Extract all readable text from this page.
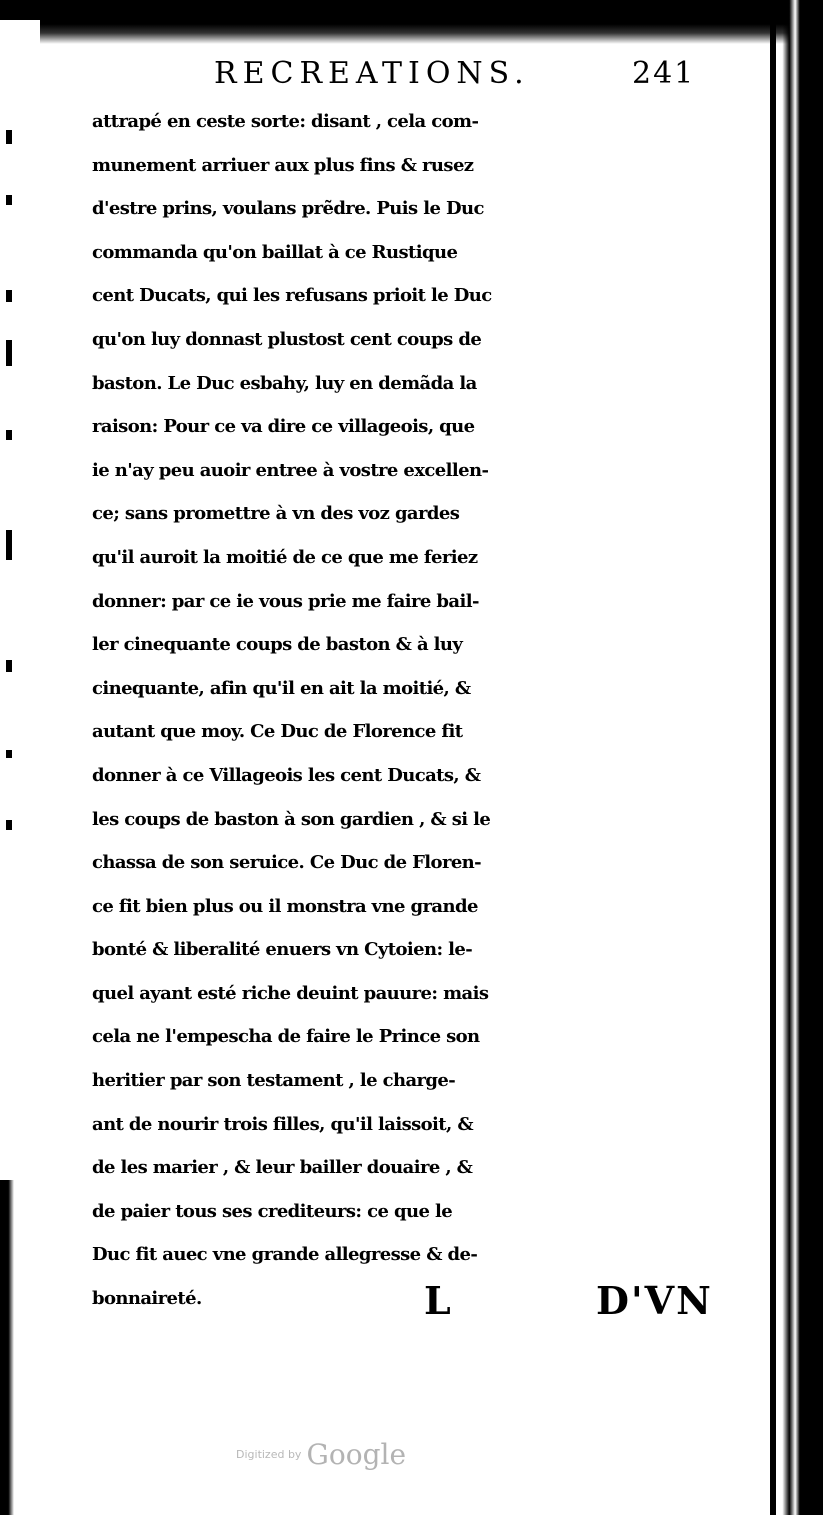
RECREATIONS.	241
attrapé en ceste sorte: disant , cela com-
munement arriuer aux plus fins & rusez
d'estre prins, voulans prẽdre. Puis le Duc
commanda qu'on baillat à ce Rustique
cent Ducats, qui les refusans prioit le Duc
qu'on luy donnast plustost cent coups de
baston. Le Duc esbahy, luy en demãda la
raison: Pour ce va dire ce villageois, que
ie n'ay peu auoir entree à vostre excellen-
ce; sans promettre à vn des voz gardes
qu'il auroit la moitié de ce que me feriez
donner: par ce ie vous prie me faire bail-
ler cinequante coups de baston & à luy
cinequante, afin qu'il en ait la moitié, &
autant que moy. Ce Duc de Florence fit
donner à ce Villageois les cent Ducats, &
les coups de baston à son gardien , & si le
chassa de son seruice. Ce Duc de Floren-
ce fit bien plus ou il monstra vne grande
bonté & liberalité enuers vn Cytoien: le-
quel ayant esté riche deuint pauure: mais
cela ne l'empescha de faire le Prince son
heritier par son testament , le charge-
ant de nourir trois filles, qu'il laissoit, &
de les marier , & leur bailler douaire , &
de paier tous ses crediteurs: ce que le
Duc fit auec vne grande allegresse & de-
bonnaireté.	L	D'VN
Digitized by Google
